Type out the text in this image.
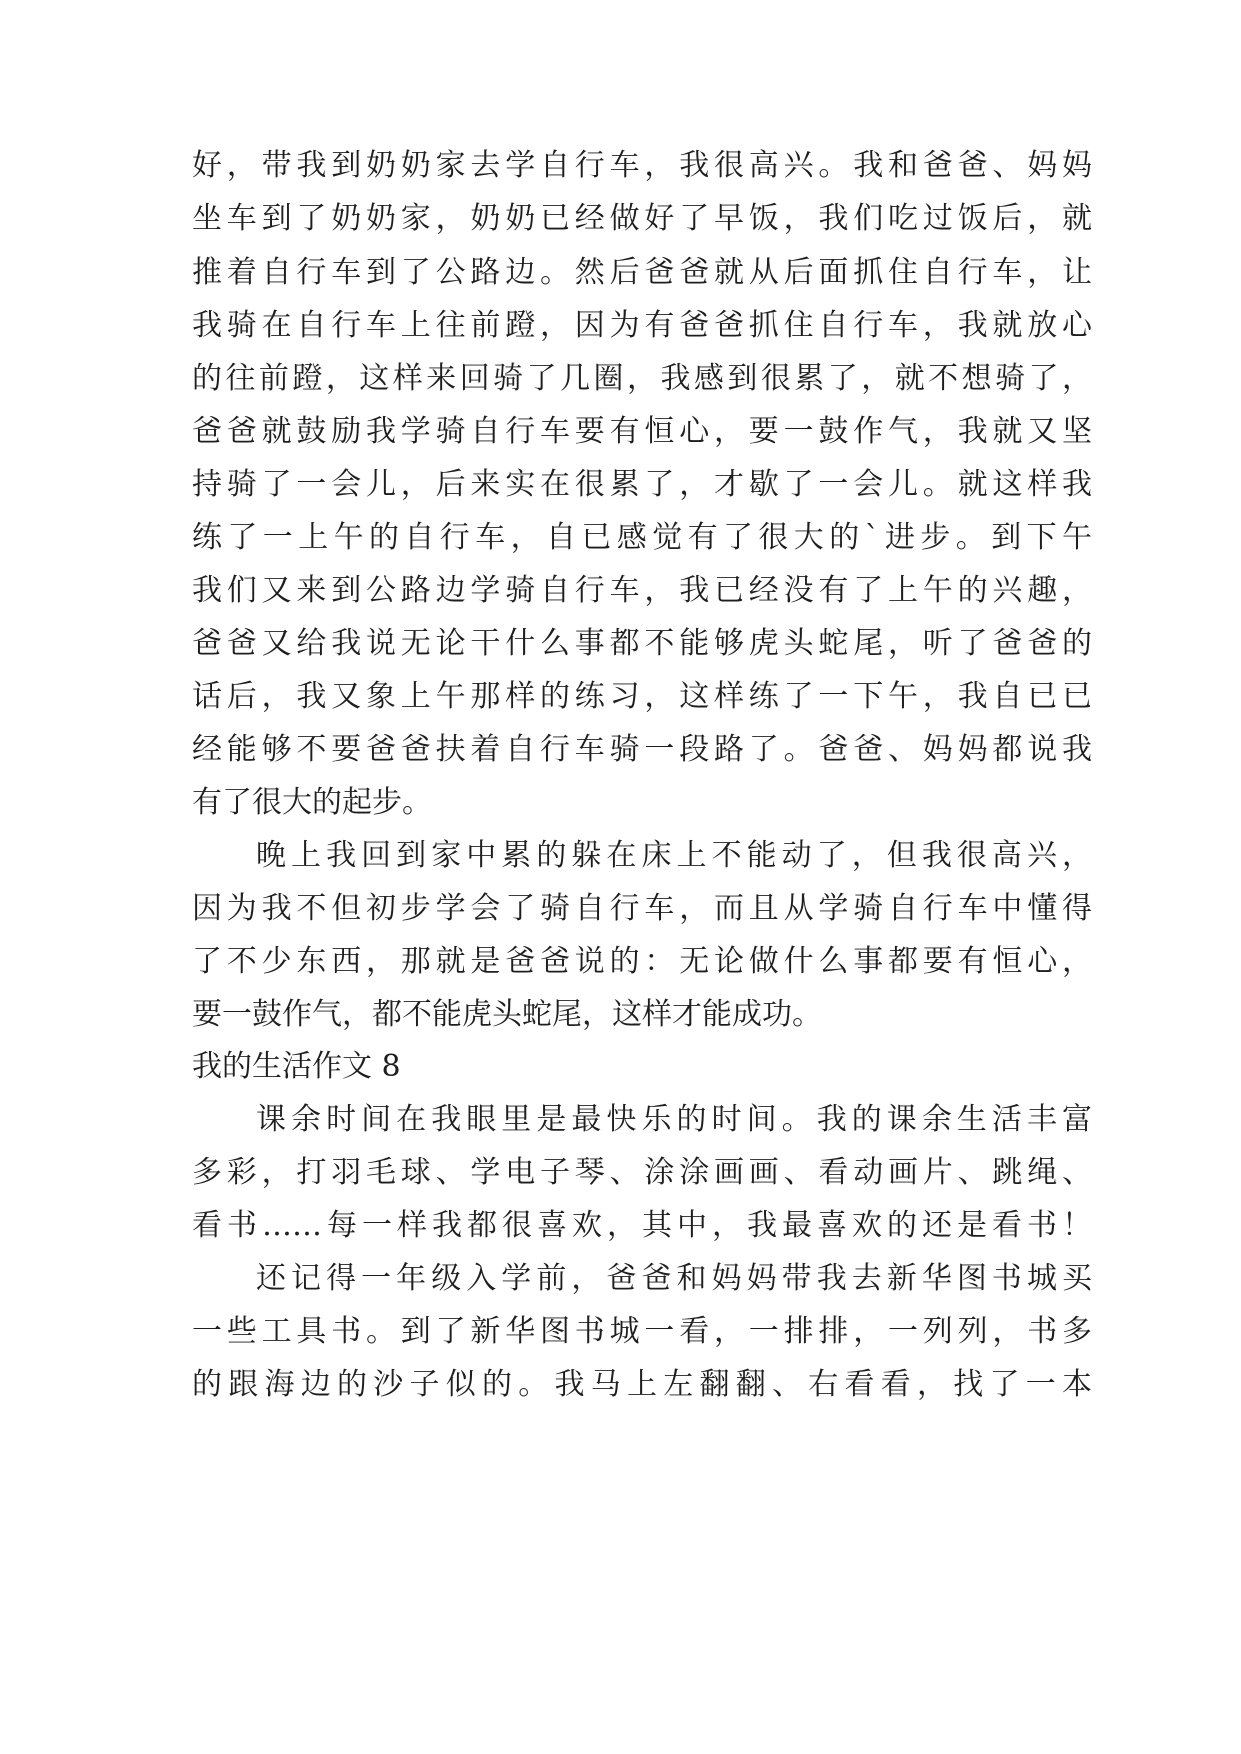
好，带我到奶奶家去学自行车，我很高兴。我和爸爸、妈妈
坐车到了奶奶家，奶奶已经做好了早饭，我们吃过饭后，就
推着自行车到了公路边。然后爸爸就从后面抓住自行车，让
我骑在自行车上往前蹬，因为有爸爸抓住自行车，我就放心
的往前蹬，这样来回骑了几圈，我感到很累了，就不想骑了，
爸爸就鼓励我学骑自行车要有恒心，要一鼓作气，我就又坚
持骑了一会儿，后来实在很累了，才歇了一会儿。就这样我
练了一上午的自行车，自已感觉有了很大的`进步。到下午
我们又来到公路边学骑自行车，我已经没有了上午的兴趣，
爸爸又给我说无论干什么事都不能够虎头蛇尾，听了爸爸的
话后，我又象上午那样的练习，这样练了一下午，我自已已
经能够不要爸爸扶着自行车骑一段路了。爸爸、妈妈都说我
有了很大的起步。
晚上我回到家中累的躲在床上不能动了，但我很高兴，
因为我不但初步学会了骑自行车，而且从学骑自行车中懂得
了不少东西，那就是爸爸说的：无论做什么事都要有恒心，
要一鼓作气，都不能虎头蛇尾，这样才能成功。
我的生活作文 8
课余时间在我眼里是最快乐的时间。我的课余生活丰富
多彩，打羽毛球、学电子琴、涂涂画画、看动画片、跳绳、
看书……每一样我都很喜欢，其中，我最喜欢的还是看书！
还记得一年级入学前，爸爸和妈妈带我去新华图书城买
一些工具书。到了新华图书城一看，一排排，一列列，书多
的跟海边的沙子似的。我马上左翻翻、右看看，找了一本
